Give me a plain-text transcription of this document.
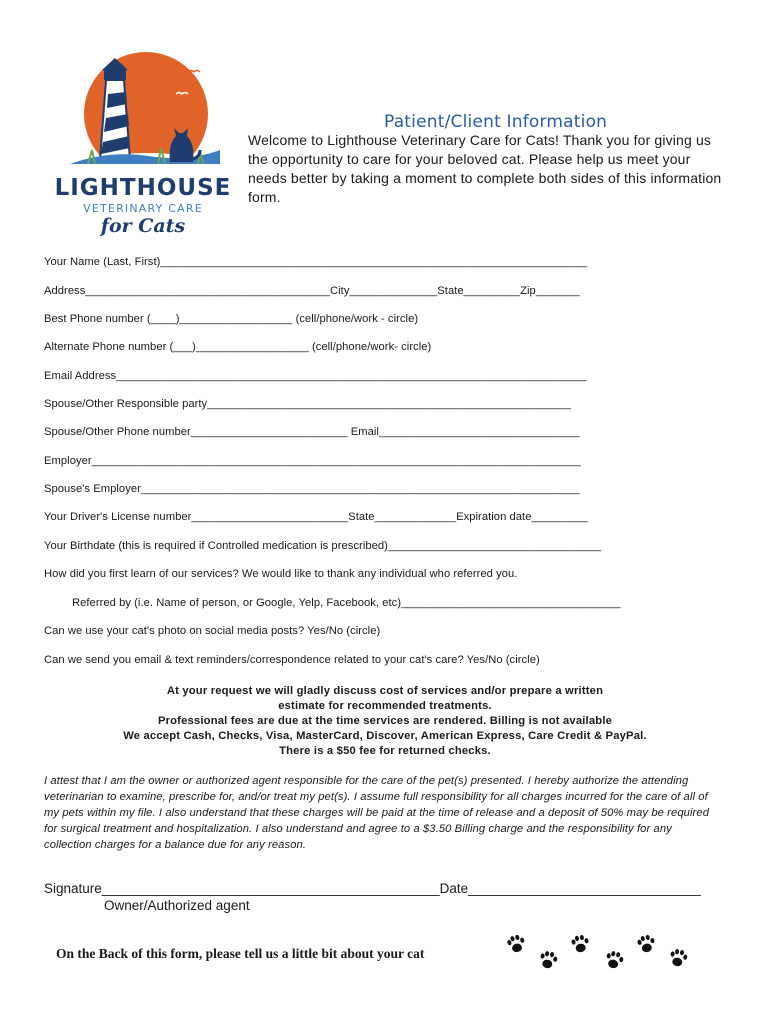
LIGHTHOUSE
VETERINARY CARE
for Cats
Patient/Client Information
Welcome to Lighthouse Veterinary Care for Cats! Thank you for giving us the opportunity to care for your beloved cat. Please help us meet your needs better by taking a moment to complete both sides of this information form.
Your Name (Last, First)____________________________________________________________________
Address_______________________________________City______________State_________Zip_______
Best Phone number (____)__________________ (cell/phone/work - circle)
Alternate Phone number (___)__________________ (cell/phone/work- circle)
Email Address___________________________________________________________________________
Spouse/Other Responsible party__________________________________________________________
Spouse/Other Phone number_________________________ Email________________________________
Employer______________________________________________________________________________
Spouse's Employer______________________________________________________________________
Your Driver's License number_________________________State_____________Expiration date_________
Your Birthdate (this is required if Controlled medication is prescribed)__________________________________
How did you first learn of our services? We would like to thank any individual who referred you.
Referred by (i.e. Name of person, or Google, Yelp, Facebook, etc)___________________________________
Can we use your cat's photo on social media posts? Yes/No (circle)
Can we send you email & text reminders/correspondence related to your cat's care? Yes/No (circle)
At your request we will gladly discuss cost of services and/or prepare a written
estimate for recommended treatments.
Professional fees are due at the time services are rendered. Billing is not available
We accept Cash, Checks, Visa, MasterCard, Discover, American Express, Care Credit & PayPal.
There is a $50 fee for returned checks.
I attest that I am the owner or authorized agent responsible for the care of the pet(s) presented. I hereby authorize the attending veterinarian to examine, prescribe for, and/or treat my pet(s). I assume full responsibility for all charges incurred for the care of all of my pets within my file. I also understand that these charges will be paid at the time of release and a deposit of 50% may be required for surgical treatment and hospitalization. I also understand and agree to a $3.50 Billing charge and the responsibility for any collection charges for a balance due for any reason.
Signature_____________________________________________Date_______________________________
Owner/Authorized agent
On the Back of this form, please tell us a little bit about your cat
